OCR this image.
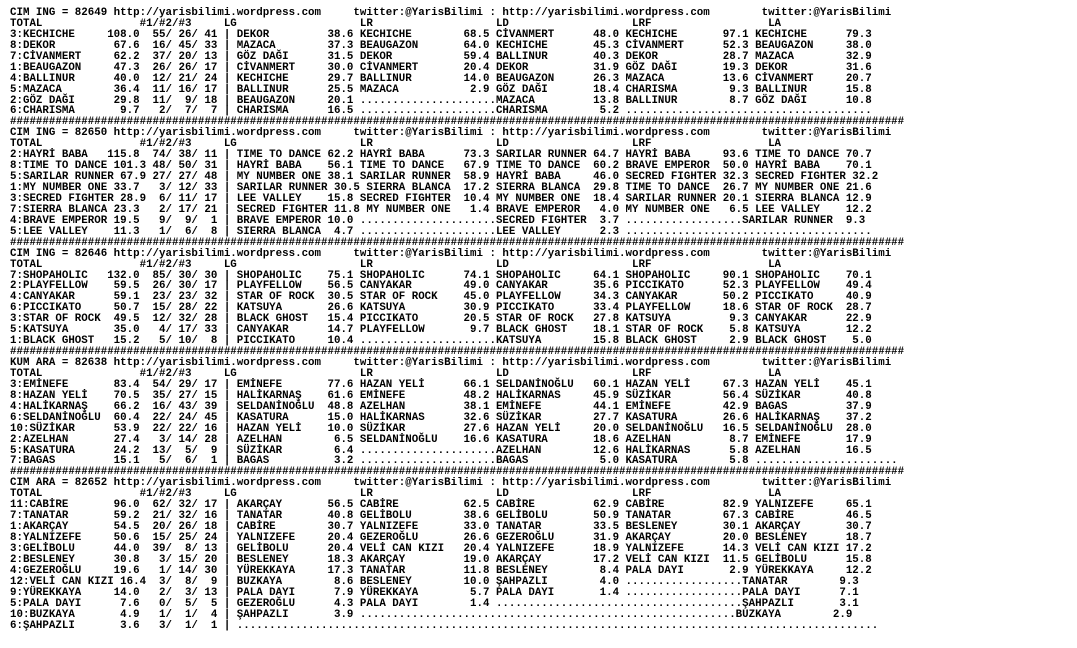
CIM ING = 82649 http://yarisbilimi.wordpress.com     twitter:@YarisBilimi : http://yarisbilimi.wordpress.com        twitter:@YarisBilimi
TOTAL               #1/#2/#3     LG                   LR                   LD                   LRF                  LA
3:KECHICHE     108.0  55/ 26/ 41 | DEKOR         38.6 KECHICHE        68.5 CİVANMERT      48.0 KECHICHE       97.1 KECHICHE      79.3
8:DEKOR         67.6  16/ 45/ 33 | MAZACA        37.3 BEAUGAZON       64.0 KECHICHE       45.3 CİVANMERT      52.3 BEAUGAZON     38.0
7:CİVANMERT     62.2  37/ 20/ 13 | GÖZ DAĞI      31.5 DEKOR           59.4 BALLINUR       40.3 DEKOR          28.7 MAZACA        32.9
1:BEAUGAZON     47.3  26/ 26/ 17 | CİVANMERT     30.0 CİVANMERT       20.4 DEKOR          31.9 GÖZ DAĞI       19.3 DEKOR         31.6
4:BALLINUR      40.0  12/ 21/ 24 | KECHICHE      29.7 BALLINUR        14.0 BEAUGAZON      26.3 MAZACA         13.6 CİVANMERT     20.7
5:MAZACA        36.4  11/ 16/ 17 | BALLINUR      25.5 MAZACA           2.9 GÖZ DAĞI       18.4 CHARISMA        9.3 BALLINUR      15.8
2:GÖZ DAĞI      29.8  11/  9/ 18 | BEAUGAZON     20.1 .....................MAZACA         13.8 BALLINUR        8.7 GÖZ DAĞI      10.8
6:CHARISMA       9.7   2/  7/  7 | CHARISMA      16.5 .....................CHARISMA        5.2 ......................................
##########################################################################################################################################
CIM ING = 82650 http://yarisbilimi.wordpress.com     twitter:@YarisBilimi : http://yarisbilimi.wordpress.com        twitter:@YarisBilimi
TOTAL               #1/#2/#3     LG                   LR                   LD                   LRF                  LA
2:HAYRİ BABA   115.8  74/ 38/ 11 | TIME TO DANCE 62.2 HAYRİ BABA      73.3 SARILAR RUNNER 64.7 HAYRİ BABA     93.6 TIME TO DANCE 70.7
8:TIME TO DANCE 101.3 48/ 50/ 31 | HAYRİ BABA    56.1 TIME TO DANCE   67.9 TIME TO DANCE  60.2 BRAVE EMPEROR  50.0 HAYRİ BABA    70.1
5:SARILAR RUNNER 67.9 27/ 27/ 48 | MY NUMBER ONE 38.1 SARILAR RUNNER  58.9 HAYRİ BABA     46.0 SECRED FIGHTER 32.3 SECRED FIGHTER 32.2
1:MY NUMBER ONE 33.7   3/ 12/ 33 | SARILAR RUNNER 30.5 SIERRA BLANCA  17.2 SIERRA BLANCA  29.8 TIME TO DANCE  26.7 MY NUMBER ONE 21.6
3:SECRED FIGHTER 28.9  6/ 11/ 17 | LEE VALLEY    15.8 SECRED FIGHTER  10.4 MY NUMBER ONE  18.4 SARILAR RUNNER 20.1 SIERRA BLANCA 12.9
7:SIERRA BLANCA 23.3   2/ 17/ 21 | SECRED FIGHTER 11.8 MY NUMBER ONE   1.4 BRAVE EMPEROR   4.0 MY NUMBER ONE   6.5 LEE VALLEY    12.2
4:BRAVE EMPEROR 19.5   9/  9/  1 | BRAVE EMPEROR 10.0 .....................SECRED FIGHTER  3.7 ..................SARILAR RUNNER  9.3
5:LEE VALLEY    11.3   1/  6/  8 | SIERRA BLANCA  4.7 .....................LEE VALLEY      2.3 ......................................
##########################################################################################################################################
CIM ING = 82646 http://yarisbilimi.wordpress.com     twitter:@YarisBilimi : http://yarisbilimi.wordpress.com        twitter:@YarisBilimi
TOTAL               #1/#2/#3     LG                   LR                   LD                   LRF                  LA
7:SHOPAHOLIC   132.0  85/ 30/ 30 | SHOPAHOLIC    75.1 SHOPAHOLIC      74.1 SHOPAHOLIC     64.1 SHOPAHOLIC     90.1 SHOPAHOLIC    70.1
2:PLAYFELLOW    59.5  26/ 30/ 17 | PLAYFELLOW    56.5 CANYAKAR        49.0 CANYAKAR       35.6 PICCIKATO      52.3 PLAYFELLOW    49.4
4:CANYAKAR      59.1  23/ 23/ 32 | STAR OF ROCK  30.5 STAR OF ROCK    45.0 PLAYFELLOW     34.3 CANYAKAR       50.2 PICCIKATO     40.9
6:PICCIKATO     50.7  15/ 28/ 22 | KATSUYA       26.6 KATSUYA         30.9 PICCIKATO      33.4 PLAYFELLOW     18.6 STAR OF ROCK  28.7
3:STAR OF ROCK  49.5  12/ 32/ 28 | BLACK GHOST   15.4 PICCIKATO       20.5 STAR OF ROCK   27.8 KATSUYA         9.3 CANYAKAR      22.9
5:KATSUYA       35.0   4/ 17/ 33 | CANYAKAR      14.7 PLAYFELLOW       9.7 BLACK GHOST    18.1 STAR OF ROCK    5.8 KATSUYA       12.2
1:BLACK GHOST   15.2   5/ 10/  8 | PICCIKATO     10.4 .....................KATSUYA        15.8 BLACK GHOST     2.9 BLACK GHOST    5.0
##########################################################################################################################################
KUM ARA = 82638 http://yarisbilimi.wordpress.com     twitter:@YarisBilimi : http://yarisbilimi.wordpress.com        twitter:@YarisBilimi
TOTAL               #1/#2/#3     LG                   LR                   LD                   LRF                  LA
3:EMİNEFE       83.4  54/ 29/ 17 | EMİNEFE       77.6 HAZAN YELİ      66.1 SELDANİNOĞLU   60.1 HAZAN YELİ     67.3 HAZAN YELİ    45.1
8:HAZAN YELİ    70.5  35/ 27/ 15 | HALİKARNAŞ    61.6 EMİNEFE         48.2 HALİKARNAS     45.9 SÜZİKAR        56.4 SÜZİKAR       40.8
4:HALİKARNAŞ    66.2  16/ 43/ 39 | SELDANİNOĞLU  48.8 AZELHAN         38.1 EMİNEFE        44.1 EMİNEFE        42.9 BAGAS         37.9
6:SELDANİNOĞLU  60.4  22/ 24/ 45 | KASATURA      15.0 HALİKARNAS      32.6 SÜZİKAR        27.7 KASATURA       26.6 HALİKARNAŞ    37.2
10:SÜZİKAR      53.9  22/ 22/ 16 | HAZAN YELİ    10.0 SÜZİKAR         27.6 HAZAN YELİ     20.0 SELDANİNOĞLU   16.5 SELDANİNOĞLU  28.0
2:AZELHAN       27.4   3/ 14/ 28 | AZELHAN        6.5 SELDANİNOĞLU    16.6 KASATURA       18.6 AZELHAN         8.7 EMİNEFE       17.9
5:KASATURA      24.2  13/  5/  9 | SÜZİKAR        6.4 .....................AZELHAN        12.6 HALİKARNAS      5.8 AZELHAN       16.5
7:BAGAS         15.1   5/  6/  1 | BAGAS          3.2 .....................BAGAS           5.0 KASATURA        5.8 ......................
##########################################################################################################################################
CIM ARA = 82652 http://yarisbilimi.wordpress.com     twitter:@YarisBilimi : http://yarisbilimi.wordpress.com        twitter:@YarisBilimi
TOTAL               #1/#2/#3     LG                   LR                   LD                   LRF                  LA
11:CABİRE       96.0  62/ 32/ 17 | AKARÇAY       56.5 CABİRE          62.5 CABİRE         62.9 CABİRE         82.9 YALNIZEFE     65.1
7:TANATAR       59.2  21/ 32/ 16 | TANATAR       40.8 GELİBOLU        38.6 GELİBOLU       50.9 TANATAR        67.3 CABİRE        46.5
1:AKARÇAY       54.5  20/ 26/ 18 | CABİRE        30.7 YALNIZEFE       33.0 TANATAR        33.5 BESLENEY       30.1 AKARÇAY       30.7
8:YALNIZEFE     50.6  15/ 25/ 24 | YALNIZEFE     20.4 GEZEROĞLU       26.6 GEZEROĞLU      31.9 AKARÇAY        20.0 BESLENEY      18.7
3:GELİBOLU      44.0  39/  8/ 13 | GELİBOLU      20.4 VELİ CAN KIZI   20.4 YALNIZEFE      18.9 YALNIZEFE      14.3 VELİ CAN KIZI 17.2
2:BESLENEY      30.8   3/ 15/ 20 | BESLENEY      18.3 AKARÇAY         19.0 AKARÇAY        17.2 VELİ CAN KIZI  11.5 GELİBOLU      15.8
4:GEZEROĞLU     19.6   1/ 14/ 30 | YÜREKKAYA     17.3 TANATAR         11.8 BESLENEY        8.4 PALA DAYI       2.9 YÜREKKAYA     12.2
12:VELİ CAN KIZI 16.4  3/  8/  9 | BUZKAYA        8.6 BESLENEY        10.0 ŞAHPAZLI        4.0 ..................TANATAR        9.3
9:YÜREKKAYA     14.0   2/  3/ 13 | PALA DAYI      7.9 YÜREKKAYA        5.7 PALA DAYI       1.4 ..................PALA DAYI      7.1
5:PALA DAYI      7.6   0/  5/  5 | GEZEROĞLU      4.3 PALA DAYI        1.4 ......................................ŞAHPAZLI       3.1
10:BUZKAYA       4.9   1/  1/  4 | ŞAHPAZLI       3.9 ..........................................................BUZKAYA        2.9
6:ŞAHPAZLI       3.6   3/  1/  1 | ...................................................................................................
